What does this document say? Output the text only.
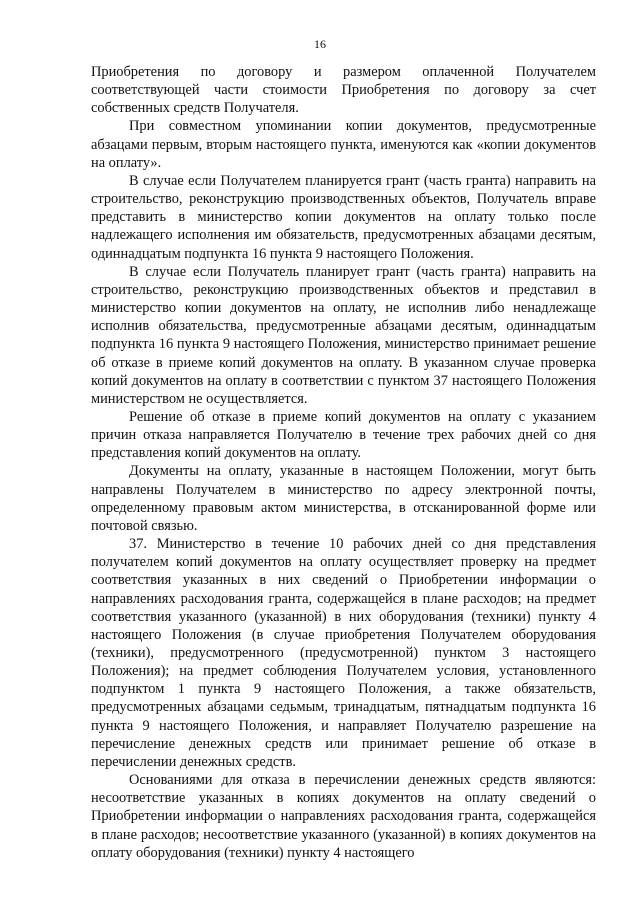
16

Приобретения по договору и размером оплаченной Получателем соответствующей части стоимости Приобретения по договору за счет собственных средств Получателя.

При совместном упоминании копии документов, предусмотренные абзацами первым, вторым настоящего пункта, именуются как «копии документов на оплату».

В случае если Получателем планируется грант (часть гранта) направить на строительство, реконструкцию производственных объектов, Получатель вправе представить в министерство копии документов на оплату только после надлежащего исполнения им обязательств, предусмотренных абзацами десятым, одиннадцатым подпункта 16 пункта 9 настоящего Положения.

В случае если Получатель планирует грант (часть гранта) направить на строительство, реконструкцию производственных объектов и представил в министерство копии документов на оплату, не исполнив либо ненадлежаще исполнив обязательства, предусмотренные абзацами десятым, одиннадцатым подпункта 16 пункта 9 настоящего Положения, министерство принимает решение об отказе в приеме копий документов на оплату. В указанном случае проверка копий документов на оплату в соответствии с пунктом 37 настоящего Положения министерством не осуществляется.

Решение об отказе в приеме копий документов на оплату с указанием причин отказа направляется Получателю в течение трех рабочих дней со дня представления копий документов на оплату.

Документы на оплату, указанные в настоящем Положении, могут быть направлены Получателем в министерство по адресу электронной почты, определенному правовым актом министерства, в отсканированной форме или почтовой связью.

37. Министерство в течение 10 рабочих дней со дня представления получателем копий документов на оплату осуществляет проверку на предмет соответствия указанных в них сведений о Приобретении информации о направлениях расходования гранта, содержащейся в плане расходов; на предмет соответствия указанного (указанной) в них оборудования (техники) пункту 4 настоящего Положения (в случае приобретения Получателем оборудования (техники), предусмотренного (предусмотренной) пунктом 3 настоящего Положения); на предмет соблюдения Получателем условия, установленного подпунктом 1 пункта 9 настоящего Положения, а также обязательств, предусмотренных абзацами седьмым, тринадцатым, пятнадцатым подпункта 16 пункта 9 настоящего Положения, и направляет Получателю разрешение на перечисление денежных средств или принимает решение об отказе в перечислении денежных средств.

Основаниями для отказа в перечислении денежных средств являются: несоответствие указанных в копиях документов на оплату сведений о Приобретении информации о направлениях расходования гранта, содержащейся в плане расходов; несоответствие указанного (указанной) в копиях документов на оплату оборудования (техники) пункту 4 настоящего
